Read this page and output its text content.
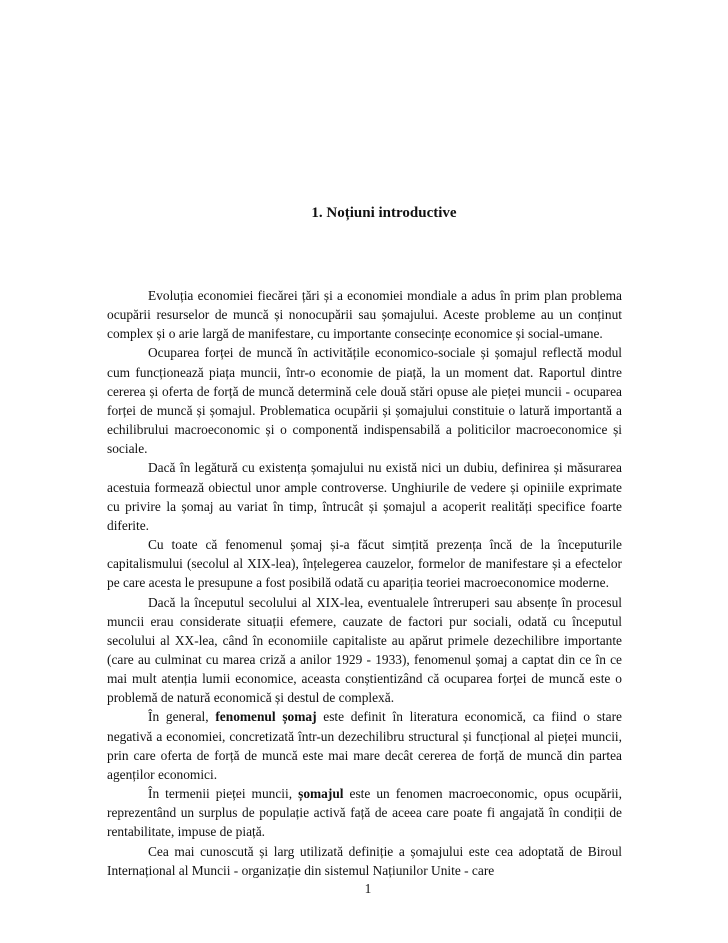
1. Noțiuni introductive

Evoluția economiei fiecărei țări și a economiei mondiale a adus în prim plan problema ocupării resurselor de muncă și nonocupării sau șomajului. Aceste probleme au un conținut complex și o arie largă de manifestare, cu importante consecințe economice și social-umane.

Ocuparea forței de muncă în activitățile economico-sociale și șomajul reflectă modul cum funcționează piața muncii, într-o economie de piață, la un moment dat. Raportul dintre cererea și oferta de forță de muncă determină cele două stări opuse ale pieței muncii - ocuparea forței de muncă și șomajul. Problematica ocupării și șomajului constituie o latură importantă a echilibrului macroeconomic și o componentă indispensabilă a politicilor macroeconomice și sociale.

Dacă în legătură cu existența șomajului nu există nici un dubiu, definirea și măsurarea acestuia formează obiectul unor ample controverse. Unghiurile de vedere și opiniile exprimate cu privire la șomaj au variat în timp, întrucât și șomajul a acoperit realități specifice foarte diferite.

Cu toate că fenomenul șomaj și-a făcut simțită prezența încă de la începuturile capitalismului (secolul al XIX-lea), înțelegerea cauzelor, formelor de manifestare și a efectelor pe care acesta le presupune a fost posibilă odată cu apariția teoriei macroeconomice moderne.

Dacă la începutul secolului al XIX-lea, eventualele întreruperi sau absențe în procesul muncii erau considerate situații efemere, cauzate de factori pur sociali, odată cu începutul secolului al XX-lea, când în economiile capitaliste au apărut primele dezechilibre importante (care au culminat cu marea criză a anilor 1929 - 1933), fenomenul șomaj a captat din ce în ce mai mult atenția lumii economice, aceasta conștientizând că ocuparea forței de muncă este o problemă de natură economică și destul de complexă.

În general, fenomenul șomaj este definit în literatura economică, ca fiind o stare negativă a economiei, concretizată într-un dezechilibru structural și funcțional al pieței muncii, prin care oferta de forță de muncă este mai mare decât cererea de forță de muncă din partea agenților economici.

În termenii pieței muncii, șomajul este un fenomen macroeconomic, opus ocupării, reprezentând un surplus de populație activă față de aceea care poate fi angajată în condiții de rentabilitate, impuse de piață.

Cea mai cunoscută și larg utilizată definiție a șomajului este cea adoptată de Biroul Internațional al Muncii - organizație din sistemul Națiunilor Unite - care

1
